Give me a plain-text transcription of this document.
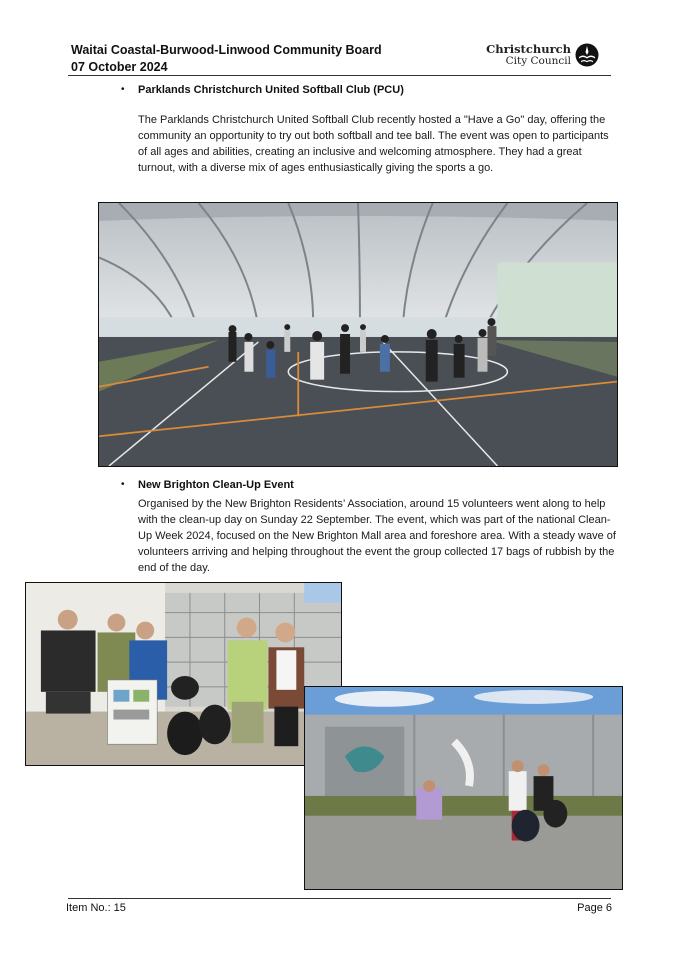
Waitai Coastal-Burwood-Linwood Community Board
07 October 2024
Christchurch
City Council
• Parklands Christchurch United Softball Club (PCU)
The Parklands Christchurch United Softball Club recently hosted a "Have a Go" day, offering the community an opportunity to try out both softball and tee ball. The event was open to participants of all ages and abilities, creating an inclusive and welcoming atmosphere. They had a great turnout, with a diverse mix of ages enthusiastically giving the sports a go.
• New Brighton Clean-Up Event
Organised by the New Brighton Residents’ Association, around 15 volunteers went along to help with the clean-up day on Sunday 22 September. The event, which was part of the national Clean-Up Week 2024, focused on the New Brighton Mall area and foreshore area. With a steady wave of volunteers arriving and helping throughout the event the group collected 17 bags of rubbish by the end of the day.
Item No.: 15	Page 6
